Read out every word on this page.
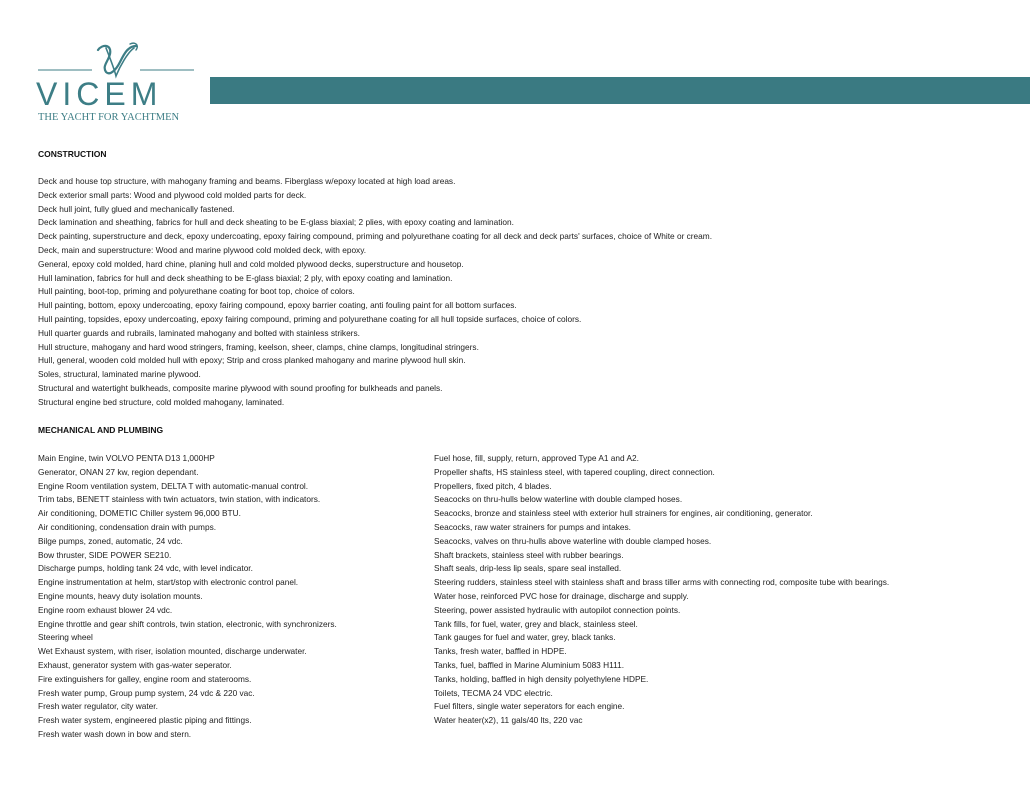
VICEM
THE YACHT FOR YACHTMEN
CONSTRUCTION
Deck and house top structure, with mahogany framing and beams. Fiberglass w/epoxy located at high load areas.
Deck exterior small parts: Wood and plywood cold molded parts for deck.
Deck hull joint, fully glued and mechanically fastened.
Deck lamination and sheathing, fabrics for hull and deck sheating to be E-glass biaxial; 2 plies, with epoxy coating and lamination.
Deck painting, superstructure and deck, epoxy undercoating, epoxy fairing compound, priming and polyurethane coating for all deck and deck parts' surfaces, choice of White or cream.
Deck, main and superstructure: Wood and marine plywood cold molded deck, with epoxy.
General, epoxy cold molded, hard chine, planing hull and cold molded plywood decks, superstructure and housetop.
Hull lamination, fabrics for hull and deck sheathing to be E-glass biaxial; 2 ply, with epoxy coating and lamination.
Hull painting, boot-top, priming and polyurethane coating for boot top, choice of colors.
Hull painting, bottom, epoxy undercoating, epoxy fairing compound, epoxy barrier coating, anti fouling paint for all bottom surfaces.
Hull painting, topsides, epoxy undercoating, epoxy fairing compound, priming and polyurethane coating for all hull topside surfaces, choice of colors.
Hull quarter guards and rubrails, laminated mahogany and bolted with stainless strikers.
Hull structure, mahogany and hard wood stringers, framing, keelson, sheer, clamps, chine clamps, longitudinal stringers.
Hull, general, wooden cold molded hull with epoxy; Strip and cross planked mahogany and marine plywood hull skin.
Soles, structural, laminated marine plywood.
Structural and watertight bulkheads, composite marine plywood with sound proofing for bulkheads and panels.
Structural engine bed structure, cold molded mahogany, laminated.
MECHANICAL AND PLUMBING
Main Engine, twin VOLVO PENTA D13 1,000HP
Generator, ONAN 27 kw, region dependant.
Engine Room ventilation system, DELTA T with automatic-manual control.
Trim tabs, BENETT stainless with twin actuators, twin station, with indicators.
Air conditioning, DOMETIC Chiller system 96,000 BTU.
Air conditioning, condensation drain with pumps.
Bilge pumps, zoned, automatic, 24 vdc.
Bow thruster, SIDE POWER SE210.
Discharge pumps, holding tank 24 vdc, with level indicator.
Engine instrumentation at helm, start/stop with electronic control panel.
Engine mounts, heavy duty isolation mounts.
Engine room exhaust blower 24 vdc.
Engine throttle and gear shift controls, twin station, electronic, with synchronizers.
Steering wheel
Wet Exhaust system, with riser, isolation mounted, discharge underwater.
Exhaust, generator system with gas-water seperator.
Fire extinguishers for galley, engine room and staterooms.
Fresh water pump, Group pump system, 24 vdc & 220 vac.
Fresh water regulator, city water.
Fresh water system, engineered plastic piping and fittings.
Fresh water wash down in bow and stern.
Fuel hose, fill, supply, return, approved Type A1 and A2.
Propeller shafts, HS stainless steel, with tapered coupling, direct connection.
Propellers, fixed pitch, 4 blades.
Seacocks on thru-hulls below waterline with double clamped hoses.
Seacocks, bronze and stainless steel with exterior hull strainers for engines, air conditioning, generator.
Seacocks, raw water strainers for pumps and intakes.
Seacocks, valves on thru-hulls above waterline with double clamped hoses.
Shaft brackets, stainless steel with rubber bearings.
Shaft seals, drip-less lip seals, spare seal installed.
Steering rudders, stainless steel with stainless shaft and brass tiller arms with connecting rod, composite tube with bearings.
Water hose, reinforced PVC hose for drainage, discharge and supply.
Steering, power assisted hydraulic with autopilot connection points.
Tank fills, for fuel, water, grey and black, stainless steel.
Tank gauges for fuel and water, grey, black tanks.
Tanks, fresh water, baffled in HDPE.
Tanks, fuel, baffled in Marine Aluminium 5083 H111.
Tanks, holding, baffled in high density polyethylene HDPE.
Toilets, TECMA 24 VDC electric.
Fuel filters, single water seperators for each engine.
Water heater(x2), 11 gals/40 lts, 220 vac
